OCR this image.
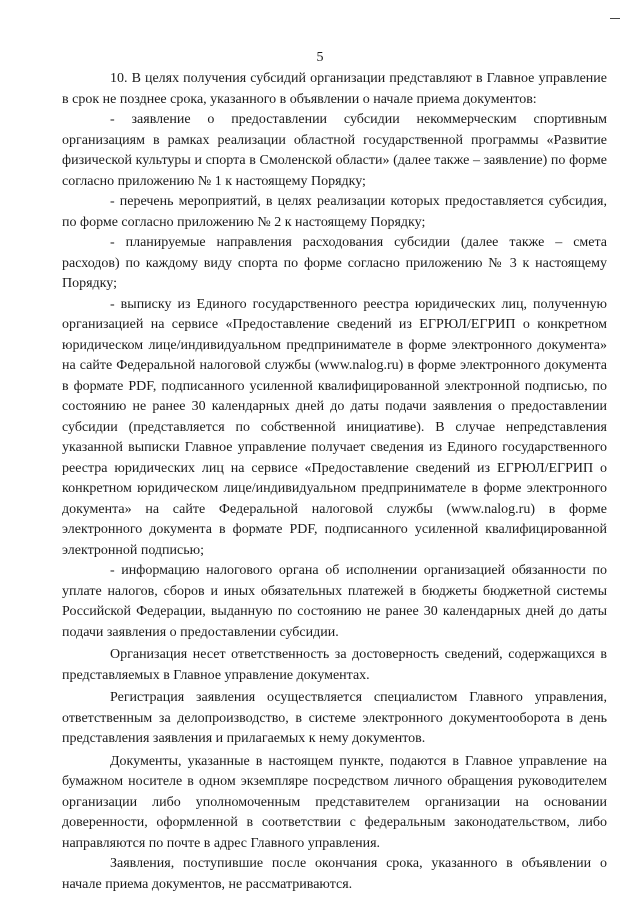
5

10. В целях получения субсидий организации представляют в Главное управление в срок не позднее срока, указанного в объявлении о начале приема документов:

- заявление о предоставлении субсидии некоммерческим спортивным организациям в рамках реализации областной государственной программы «Развитие физической культуры и спорта в Смоленской области» (далее также – заявление) по форме согласно приложению № 1 к настоящему Порядку;

- перечень мероприятий, в целях реализации которых предоставляется субсидия, по форме согласно приложению № 2 к настоящему Порядку;

- планируемые направления расходования субсидии (далее также – смета расходов) по каждому виду спорта по форме согласно приложению № 3 к настоящему Порядку;

- выписку из Единого государственного реестра юридических лиц, полученную организацией на сервисе «Предоставление сведений из ЕГРЮЛ/ЕГРИП о конкретном юридическом лице/индивидуальном предпринимателе в форме электронного документа» на сайте Федеральной налоговой службы (www.nalog.ru) в форме электронного документа в формате PDF, подписанного усиленной квалифицированной электронной подписью, по состоянию не ранее 30 календарных дней до даты подачи заявления о предоставлении субсидии (представляется по собственной инициативе). В случае непредставления указанной выписки Главное управление получает сведения из Единого государственного реестра юридических лиц на сервисе «Предоставление сведений из ЕГРЮЛ/ЕГРИП о конкретном юридическом лице/индивидуальном предпринимателе в форме электронного документа» на сайте Федеральной налоговой службы (www.nalog.ru) в форме электронного документа в формате PDF, подписанного усиленной квалифицированной электронной подписью;

- информацию налогового органа об исполнении организацией обязанности по уплате налогов, сборов и иных обязательных платежей в бюджеты бюджетной системы Российской Федерации, выданную по состоянию не ранее 30 календарных дней до даты подачи заявления о предоставлении субсидии.

Организация несет ответственность за достоверность сведений, содержащихся в представляемых в Главное управление документах.

Регистрация заявления осуществляется специалистом Главного управления, ответственным за делопроизводство, в системе электронного документооборота в день представления заявления и прилагаемых к нему документов.

Документы, указанные в настоящем пункте, подаются в Главное управление на бумажном носителе в одном экземпляре посредством личного обращения руководителем организации либо уполномоченным представителем организации на основании доверенности, оформленной в соответствии с федеральным законодательством, либо направляются по почте в адрес Главного управления.

Заявления, поступившие после окончания срока, указанного в объявлении о начале приема документов, не рассматриваются.
